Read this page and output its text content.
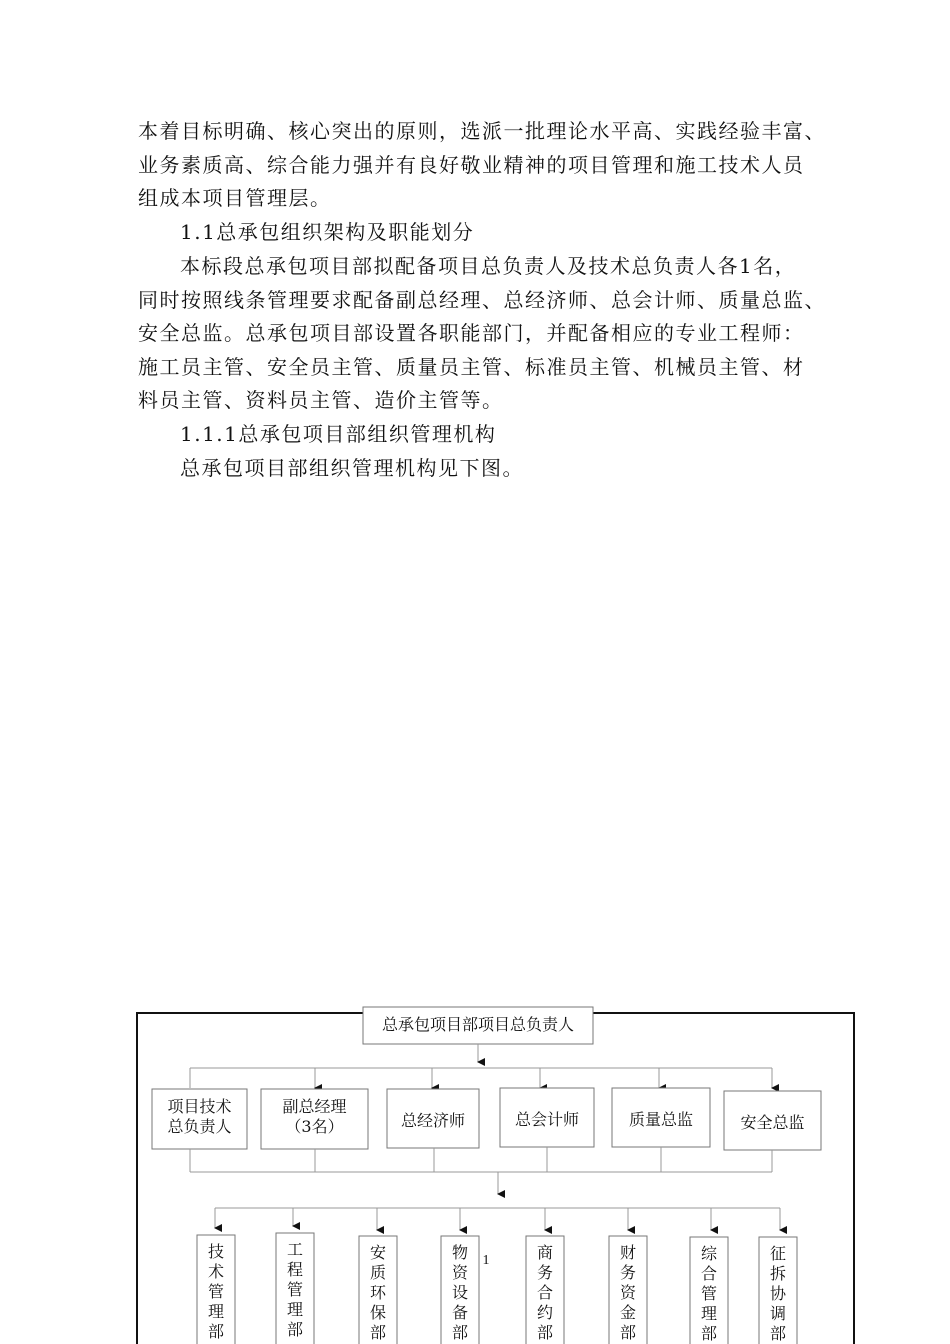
本着目标明确、核心突出的原则，选派一批理论水平高、实践经验丰富、
业务素质高、综合能力强并有良好敬业精神的项目管理和施工技术人员
组成本项目管理层。

1.1总承包组织架构及职能划分

本标段总承包项目部拟配备项目总负责人及技术总负责人各1名，
同时按照线条管理要求配备副总经理、总经济师、总会计师、质量总监、
安全总监。总承包项目部设置各职能部门，并配备相应的专业工程师：
施工员主管、安全员主管、质量员主管、标准员主管、机械员主管、材
料员主管、资料员主管、造价主管等。

1.1.1总承包项目部组织管理机构

总承包项目部组织管理机构见下图。

总承包项目部项目总负责人
项目技术
总负责人
副总经理
（3名）	总经济师	总会计师	质量总监	安全总监
技术管理部
工程管理部
安质环保部
物资设备部
商务合约部
财务资金部
综合管理部
征拆协调部
1
